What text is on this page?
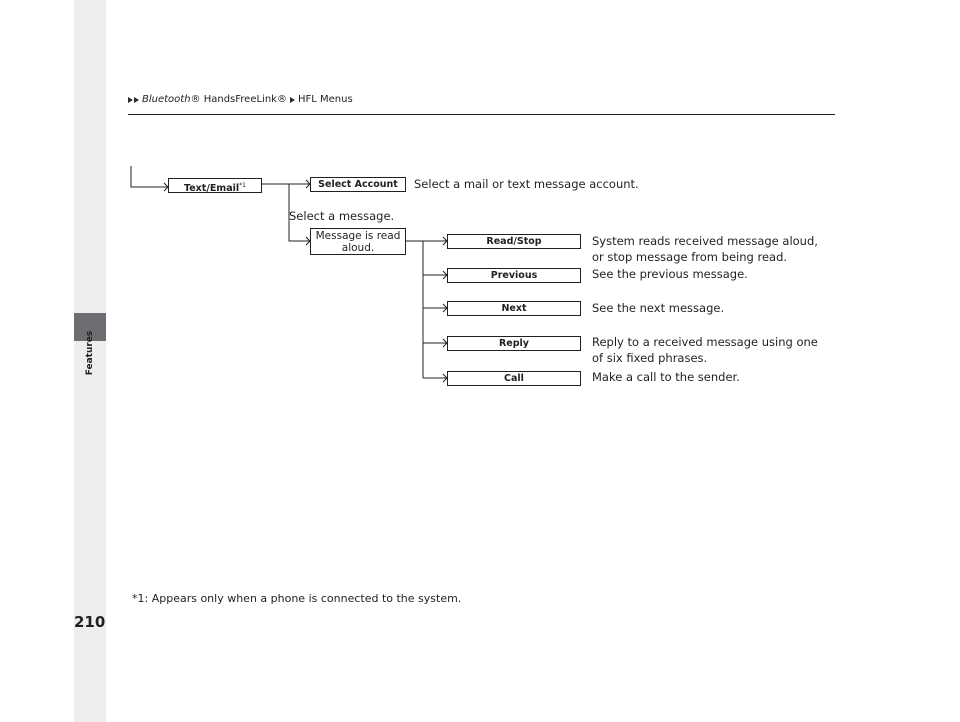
Features
Bluetooth ® HandsFreeLink® HFL Menus
Text/Email$^{*1}$	Select Account	Select a mail or text message account.
Select a message.
Message is read aloud.
Read/Stop	System reads received message aloud, or stop message from being read.
Previous	See the previous message.
Next	See the next message.
Reply	Reply to a received message using one of six fixed phrases.
Call	Make a call to the sender.
*1: Appears only when a phone is connected to the system.
210
